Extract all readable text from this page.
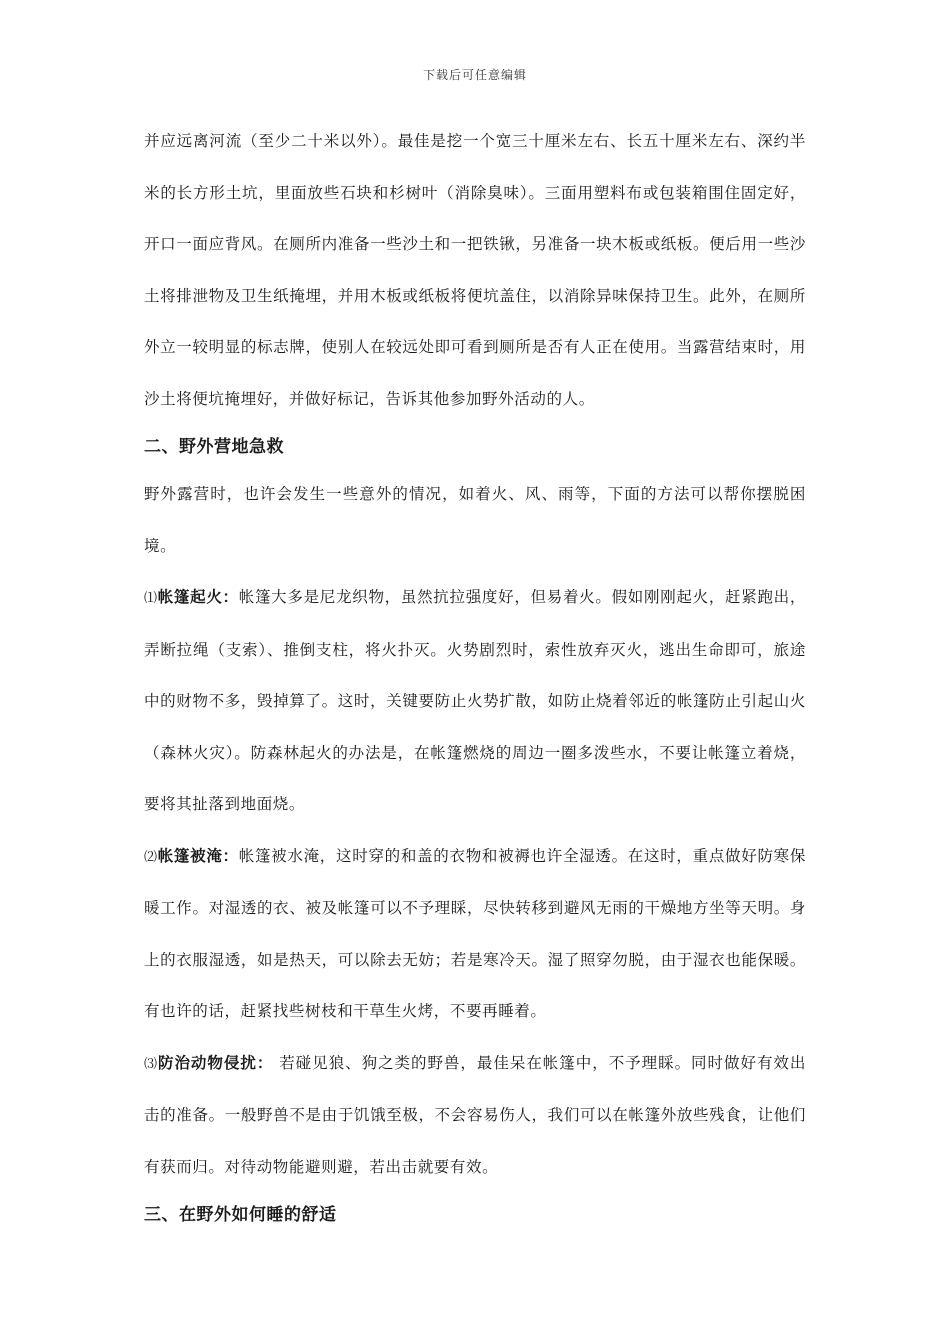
下载后可任意编辑

并应远离河流（至少二十米以外）。最佳是挖一个宽三十厘米左右、长五十厘米左右、深约半米的长方形土坑，里面放些石块和杉树叶（消除臭味）。三面用塑料布或包装箱围住固定好，开口一面应背风。在厕所内准备一些沙土和一把铁锹，另准备一块木板或纸板。便后用一些沙土将排泄物及卫生纸掩埋，并用木板或纸板将便坑盖住，以消除异味保持卫生。此外，在厕所外立一较明显的标志牌，使别人在较远处即可看到厕所是否有人正在使用。当露营结束时，用沙土将便坑掩埋好，并做好标记，告诉其他参加野外活动的人。

二、野外营地急救

野外露营时，也许会发生一些意外的情况，如着火、风、雨等，下面的方法可以帮你摆脱困境。

⑴帐篷起火：帐篷大多是尼龙织物，虽然抗拉强度好，但易着火。假如刚刚起火，赶紧跑出，弄断拉绳（支索）、推倒支柱，将火扑灭。火势剧烈时，索性放弃灭火，逃出生命即可，旅途中的财物不多，毁掉算了。这时，关键要防止火势扩散，如防止烧着邻近的帐篷防止引起山火（森林火灾）。防森林起火的办法是，在帐篷燃烧的周边一圈多泼些水，不要让帐篷立着烧，要将其扯落到地面烧。

⑵帐篷被淹：帐篷被水淹，这时穿的和盖的衣物和被褥也许全湿透。在这时，重点做好防寒保暖工作。对湿透的衣、被及帐篷可以不予理睬，尽快转移到避风无雨的干燥地方坐等天明。身上的衣服湿透，如是热天，可以除去无妨；若是寒冷天。湿了照穿勿脱，由于湿衣也能保暖。有也许的话，赶紧找些树枝和干草生火烤，不要再睡着。

⑶防治动物侵扰： 若碰见狼、狗之类的野兽，最佳呆在帐篷中，不予理睬。同时做好有效出击的准备。一般野兽不是由于饥饿至极，不会容易伤人，我们可以在帐篷外放些残食，让他们有获而归。对待动物能避则避，若出击就要有效。

三、在野外如何睡的舒适
